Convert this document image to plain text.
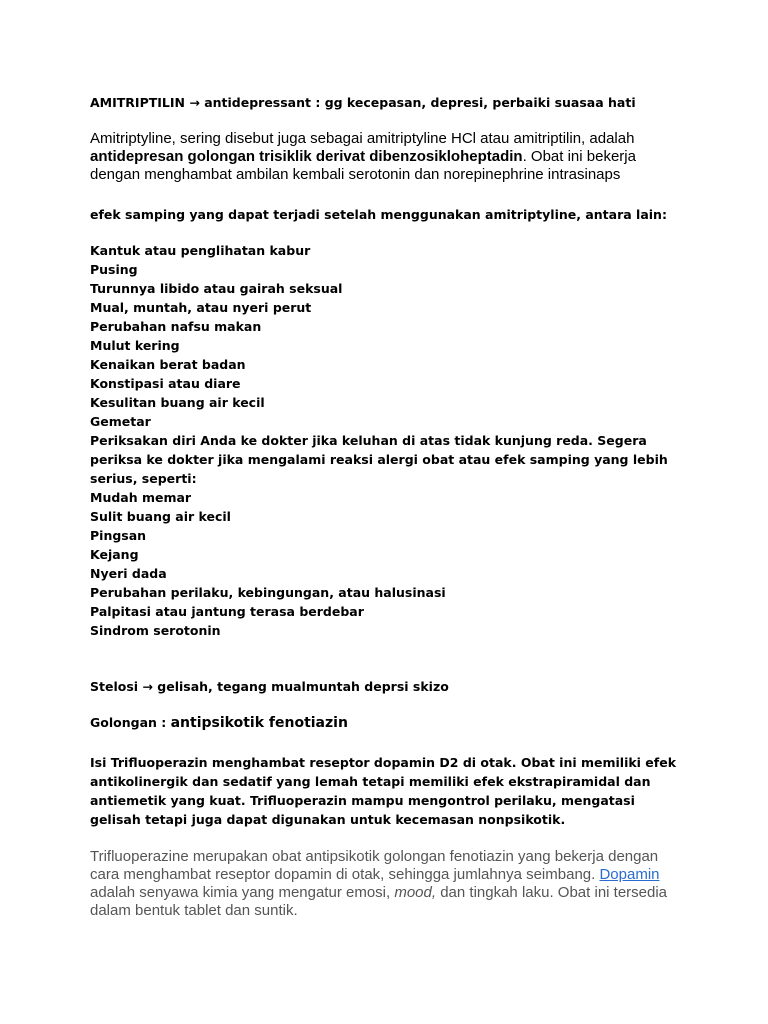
AMITRIPTILIN → antidepressant : gg kecepasan, depresi, perbaiki suasaa hati

Amitriptyline, sering disebut juga sebagai amitriptyline HCl atau amitriptilin, adalah antidepresan golongan trisiklik derivat dibenzosikloheptadin. Obat ini bekerja dengan menghambat ambilan kembali serotonin dan norepinephrine intrasinaps

efek samping yang dapat terjadi setelah menggunakan amitriptyline, antara lain:

Kantuk atau penglihatan kabur
Pusing
Turunnya libido atau gairah seksual
Mual, muntah, atau nyeri perut
Perubahan nafsu makan
Mulut kering
Kenaikan berat badan
Konstipasi atau diare
Kesulitan buang air kecil
Gemetar

Periksakan diri Anda ke dokter jika keluhan di atas tidak kunjung reda. Segera periksa ke dokter jika mengalami reaksi alergi obat atau efek samping yang lebih serius, seperti:

Mudah memar
Sulit buang air kecil
Pingsan
Kejang
Nyeri dada
Perubahan perilaku, kebingungan, atau halusinasi
Palpitasi atau jantung terasa berdebar
Sindrom serotonin

Stelosi → gelisah, tegang mualmuntah deprsi skizo

Golongan : antipsikotik fenotiazin

Isi Trifluoperazin menghambat reseptor dopamin D2 di otak. Obat ini memiliki efek antikolinergik dan sedatif yang lemah tetapi memiliki efek ekstrapiramidal dan antiemetik yang kuat. Trifluoperazin mampu mengontrol perilaku, mengatasi gelisah tetapi juga dapat digunakan untuk kecemasan nonpsikotik.

Trifluoperazine merupakan obat antipsikotik golongan fenotiazin yang bekerja dengan cara menghambat reseptor dopamin di otak, sehingga jumlahnya seimbang. Dopamin adalah senyawa kimia yang mengatur emosi, mood, dan tingkah laku. Obat ini tersedia dalam bentuk tablet dan suntik.
